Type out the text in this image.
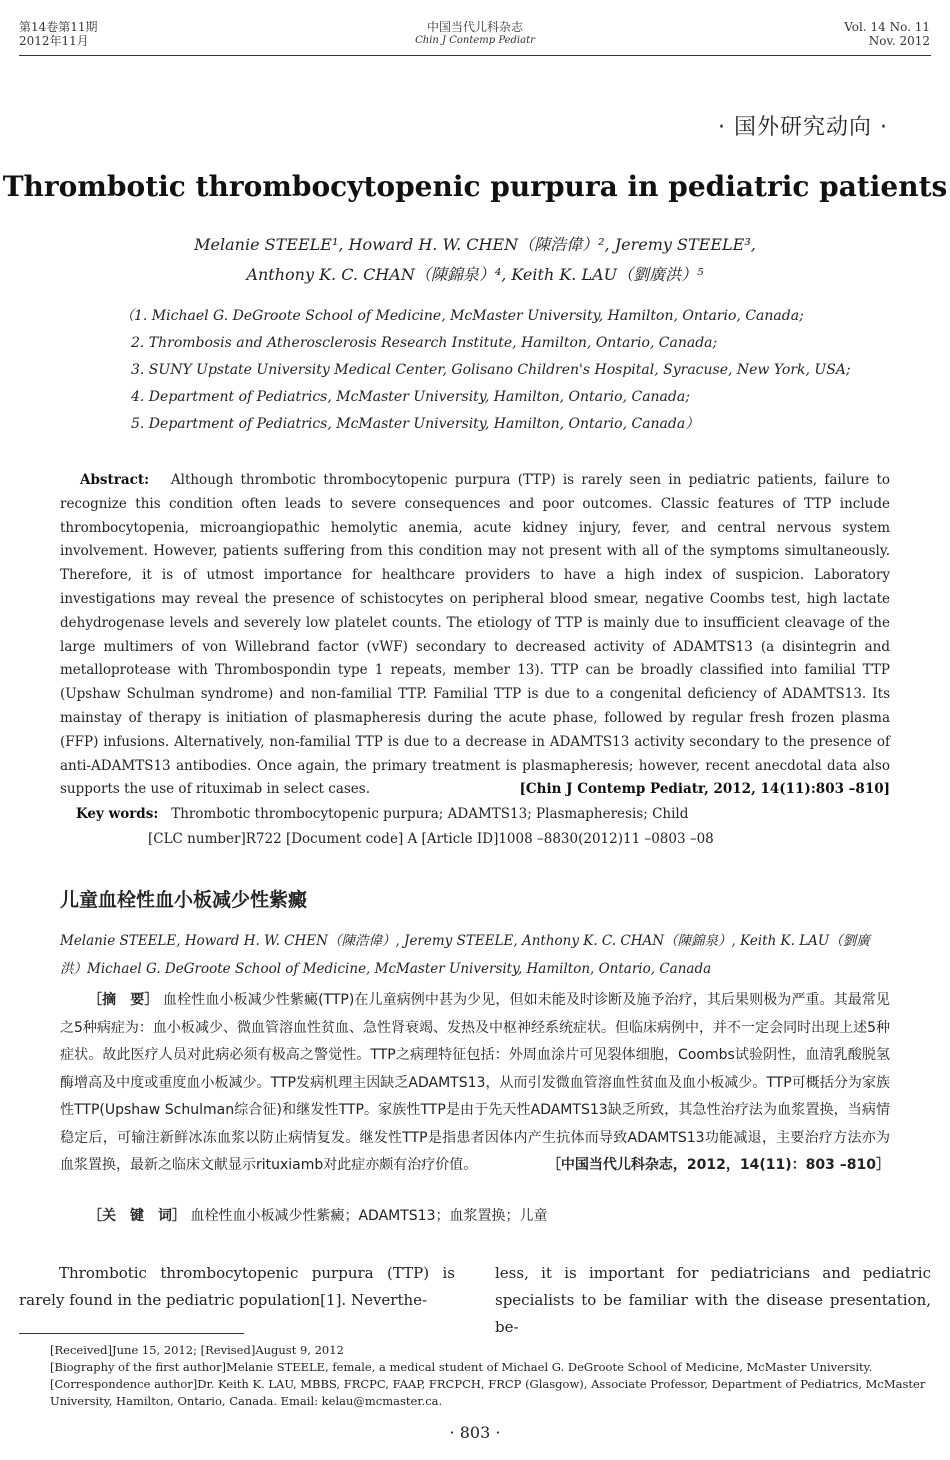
第14卷第11期
2012年11月
中国当代儿科杂志
Chin J Contemp Pediatr
Vol. 14 No. 11
Nov. 2012
· 国外研究动向 ·
Thrombotic thrombocytopenic purpura in pediatric patients
Melanie STEELE¹, Howard H. W. CHEN（陳浩偉）², Jeremy STEELE³,
Anthony K. C. CHAN（陳錦泉）⁴, Keith K. LAU（劉廣洪）⁵
（1. Michael G. DeGroote School of Medicine, McMaster University, Hamilton, Ontario, Canada;
2. Thrombosis and Atherosclerosis Research Institute, Hamilton, Ontario, Canada;
3. SUNY Upstate University Medical Center, Golisano Children's Hospital, Syracuse, New York, USA;
4. Department of Pediatrics, McMaster University, Hamilton, Ontario, Canada;
5. Department of Pediatrics, McMaster University, Hamilton, Ontario, Canada）
Abstract: Although thrombotic thrombocytopenic purpura (TTP) is rarely seen in pediatric patients, failure to recognize this condition often leads to severe consequences and poor outcomes. Classic features of TTP include thrombocytopenia, microangiopathic hemolytic anemia, acute kidney injury, fever, and central nervous system involvement. However, patients suffering from this condition may not present with all of the symptoms simultaneously. Therefore, it is of utmost importance for healthcare providers to have a high index of suspicion. Laboratory investigations may reveal the presence of schistocytes on peripheral blood smear, negative Coombs test, high lactate dehydrogenase levels and severely low platelet counts. The etiology of TTP is mainly due to insufficient cleavage of the large multimers of von Willebrand factor (vWF) secondary to decreased activity of ADAMTS13 (a disintegrin and metalloprotease with Thrombospondin type 1 repeats, member 13). TTP can be broadly classified into familial TTP (Upshaw Schulman syndrome) and non-familial TTP. Familial TTP is due to a congenital deficiency of ADAMTS13. Its mainstay of therapy is initiation of plasmapheresis during the acute phase, followed by regular fresh frozen plasma (FFP) infusions. Alternatively, non-familial TTP is due to a decrease in ADAMTS13 activity secondary to the presence of anti-ADAMTS13 antibodies. Once again, the primary treatment is plasmapheresis; however, recent anecdotal data also supports the use of rituximab in select cases.	[Chin J Contemp Pediatr, 2012, 14(11):803 –810]
Key words: Thrombotic thrombocytopenic purpura; ADAMTS13; Plasmapheresis; Child
[CLC number]R722 [Document code] A [Article ID]1008 –8830(2012)11 –0803 –08
儿童血栓性血小板减少性紫癜
Melanie STEELE, Howard H. W. CHEN（陳浩偉）, Jeremy STEELE, Anthony K. C. CHAN（陳錦泉）, Keith K. LAU（劉廣洪）Michael G. DeGroote School of Medicine, McMaster University, Hamilton, Ontario, Canada
［摘　要］ 血栓性血小板减少性紫癜(TTP)在儿童病例中甚为少见，但如未能及时诊断及施予治疗，其后果则极为严重。其最常见之5种病症为：血小板减少、微血管溶血性贫血、急性肾衰竭、发热及中枢神经系统症状。但临床病例中，并不一定会同时出现上述5种症状。故此医疗人员对此病必须有极高之警觉性。TTP之病理特征包括：外周血涂片可见裂体细胞，Coombs试验阴性，血清乳酸脱氢酶增高及中度或重度血小板减少。TTP发病机理主因缺乏ADAMTS13，从而引发微血管溶血性贫血及血小板减少。TTP可概括分为家族性TTP(Upshaw Schulman综合征)和继发性TTP。家族性TTP是由于先天性ADAMTS13缺乏所致，其急性治疗法为血浆置换，当病情稳定后，可输注新鲜冰冻血浆以防止病情复发。继发性TTP是指患者因体内产生抗体而导致ADAMTS13功能减退，主要治疗方法亦为血浆置换，最新之临床文献显示rituxiamb对此症亦颇有治疗价值。	［中国当代儿科杂志，2012，14(11)：803 –810］
［关　键　词］ 血栓性血小板减少性紫癜；ADAMTS13；血浆置换；儿童
Thrombotic thrombocytopenic purpura (TTP) is rarely found in the pediatric population[1]. Neverthe-
less, it is important for pediatricians and pediatric specialists to be familiar with the disease presentation, be-
[Received]June 15, 2012; [Revised]August 9, 2012
[Biography of the first author]Melanie STEELE, female, a medical student of Michael G. DeGroote School of Medicine, McMaster University.
[Correspondence author]Dr. Keith K. LAU, MBBS, FRCPC, FAAP, FRCPCH, FRCP (Glasgow), Associate Professor, Department of Pediatrics, McMaster University, Hamilton, Ontario, Canada. Email: kelau@mcmaster.ca.
· 803 ·
